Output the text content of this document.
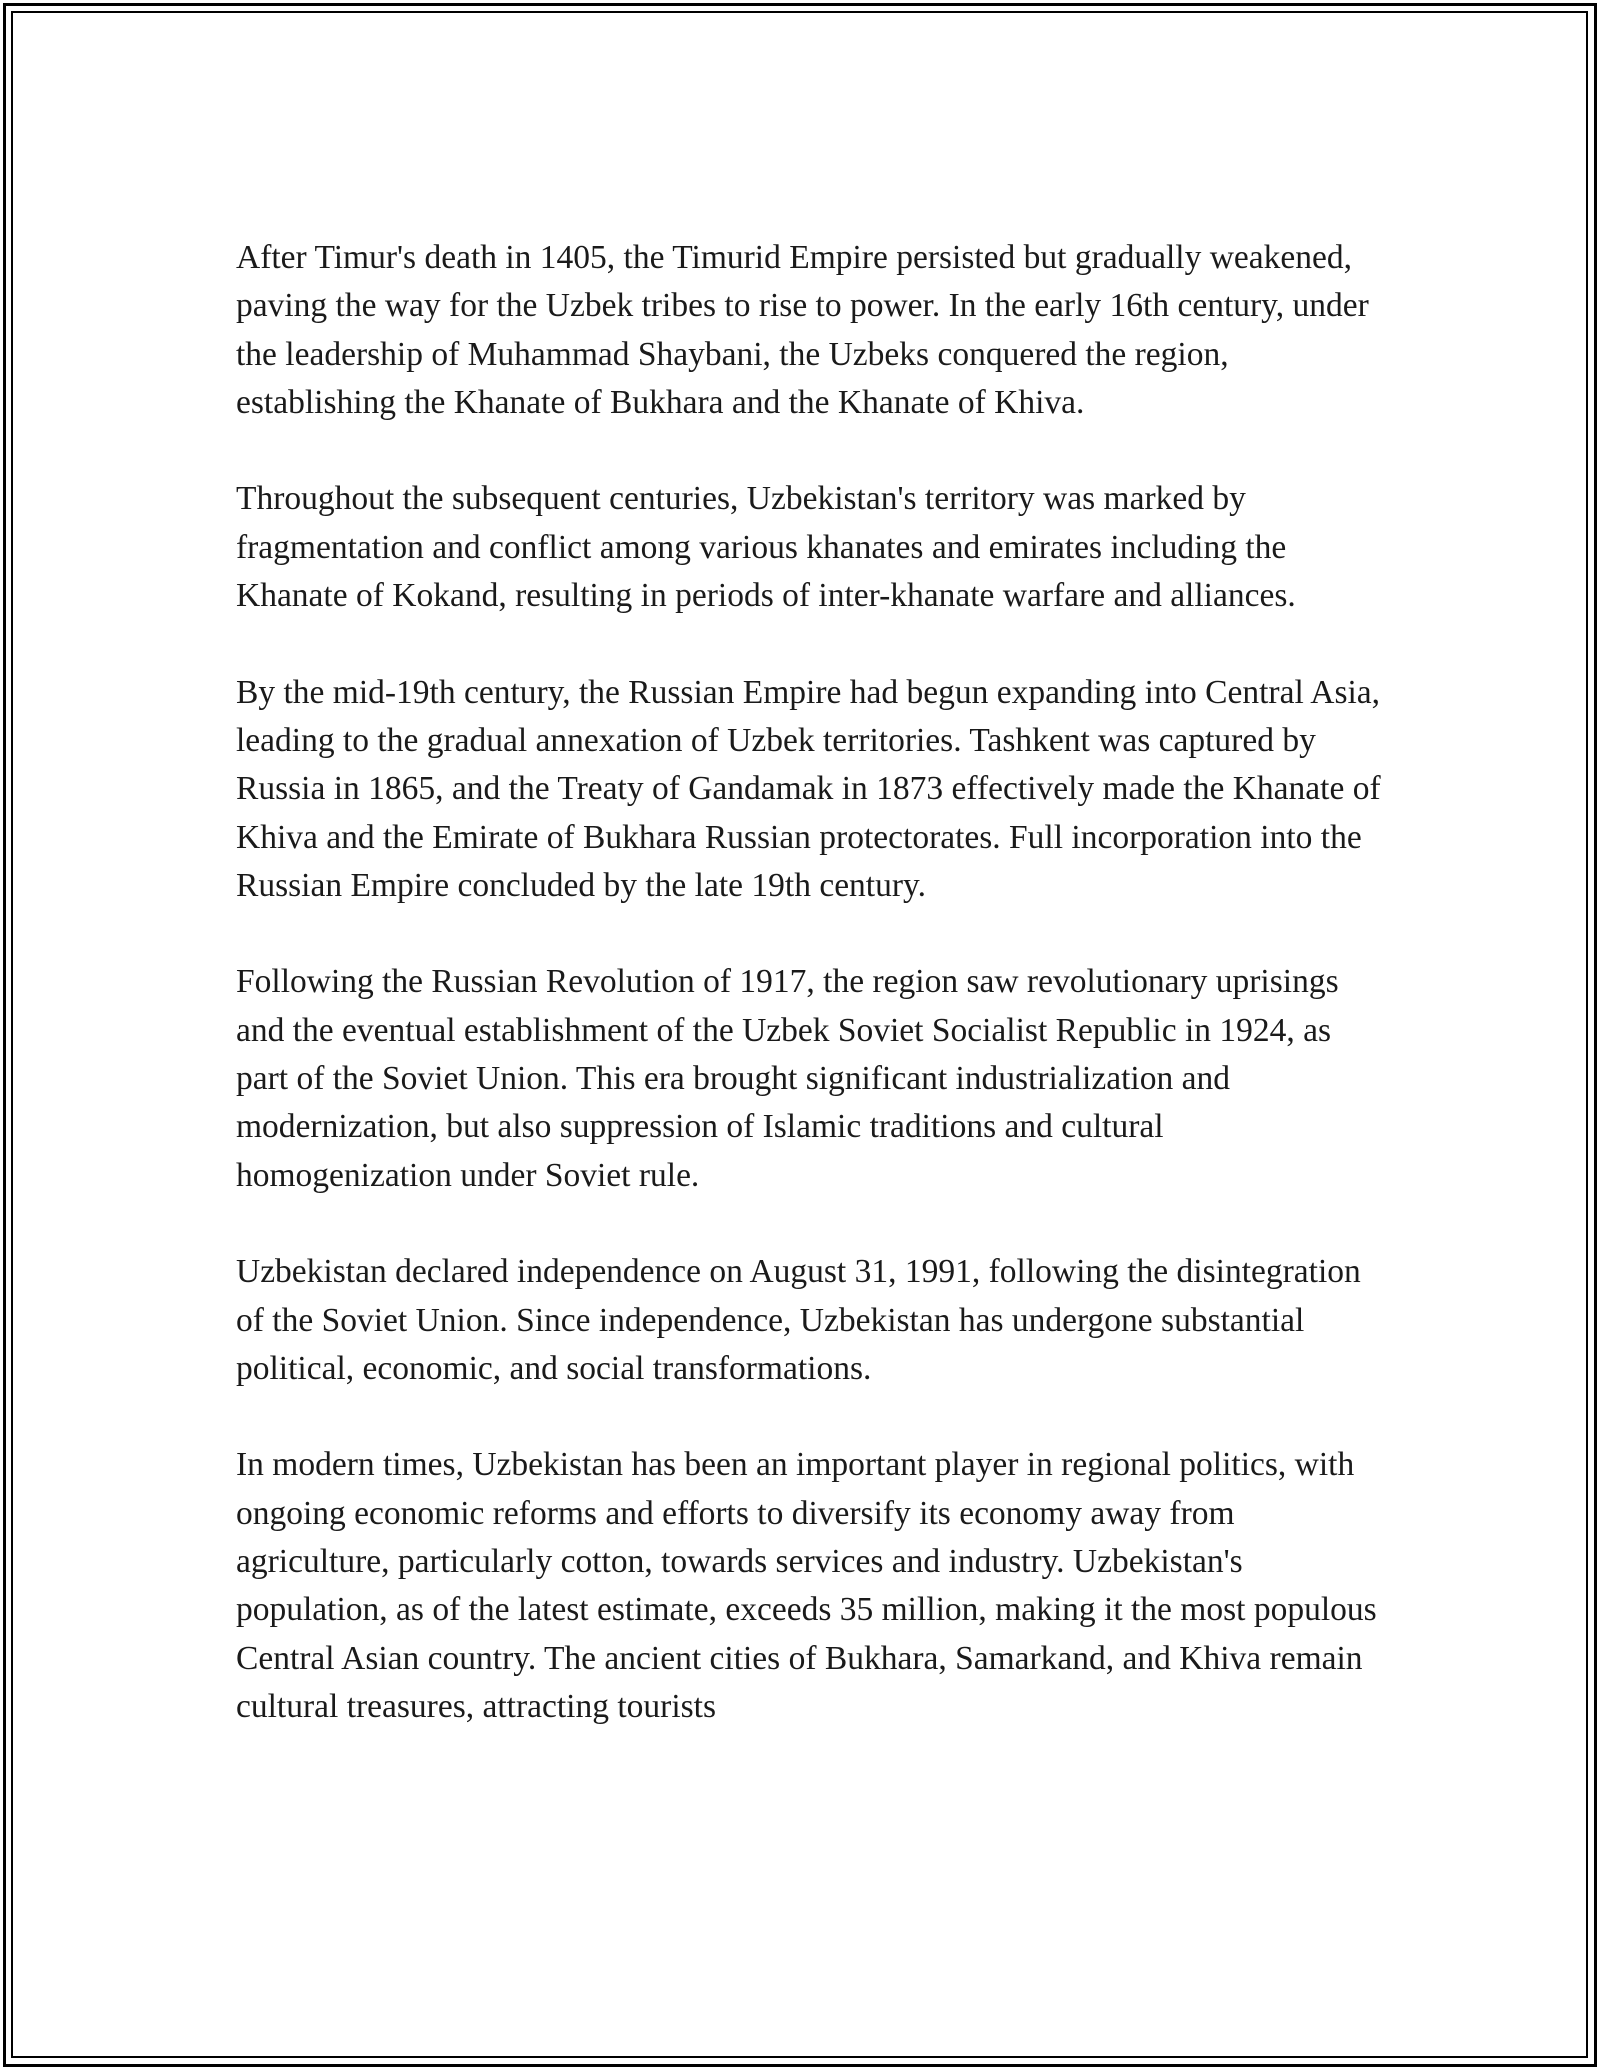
After Timur's death in 1405, the Timurid Empire persisted but gradually weakened, paving the way for the Uzbek tribes to rise to power. In the early 16th century, under the leadership of Muhammad Shaybani, the Uzbeks conquered the region, establishing the Khanate of Bukhara and the Khanate of Khiva.

Throughout the subsequent centuries, Uzbekistan's territory was marked by fragmentation and conflict among various khanates and emirates including the Khanate of Kokand, resulting in periods of inter-khanate warfare and alliances.

By the mid-19th century, the Russian Empire had begun expanding into Central Asia, leading to the gradual annexation of Uzbek territories. Tashkent was captured by Russia in 1865, and the Treaty of Gandamak in 1873 effectively made the Khanate of Khiva and the Emirate of Bukhara Russian protectorates. Full incorporation into the Russian Empire concluded by the late 19th century.

Following the Russian Revolution of 1917, the region saw revolutionary uprisings and the eventual establishment of the Uzbek Soviet Socialist Republic in 1924, as part of the Soviet Union. This era brought significant industrialization and modernization, but also suppression of Islamic traditions and cultural homogenization under Soviet rule.

Uzbekistan declared independence on August 31, 1991, following the disintegration of the Soviet Union. Since independence, Uzbekistan has undergone substantial political, economic, and social transformations.

In modern times, Uzbekistan has been an important player in regional politics, with ongoing economic reforms and efforts to diversify its economy away from agriculture, particularly cotton, towards services and industry. Uzbekistan's population, as of the latest estimate, exceeds 35 million, making it the most populous Central Asian country. The ancient cities of Bukhara, Samarkand, and Khiva remain cultural treasures, attracting tourists
